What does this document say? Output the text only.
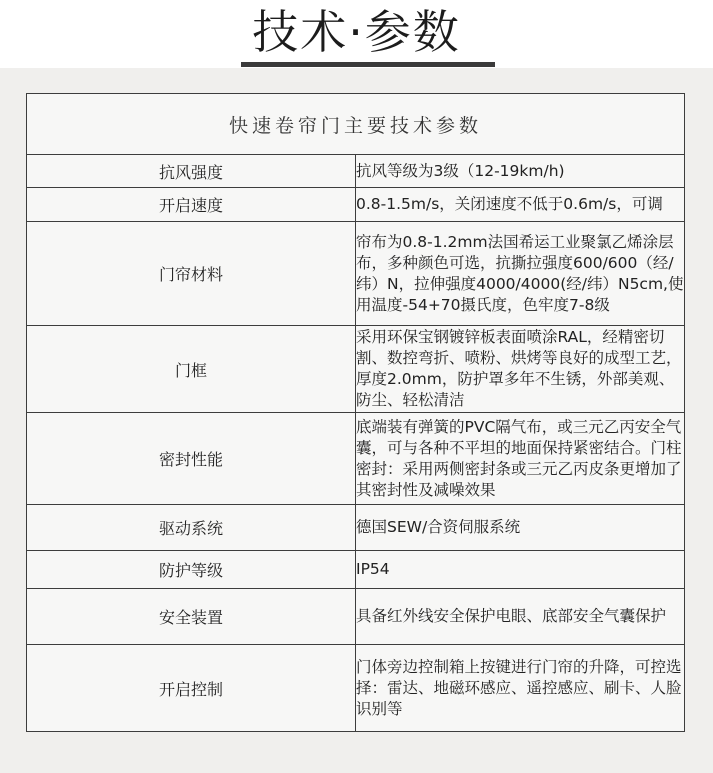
技术·参数
快速卷帘门主要技术参数	
抗风强度	抗风等级为3级（12-19km/h)
开启速度	0.8-1.5m/s，关闭速度不低于0.6m/s，可调
门帘材料	帘布为0.8-1.2mm法国希运工业聚氯乙烯涂层布，多种颜色可选，抗撕拉强度600/600（经/纬）N，拉伸强度4000/4000(经/纬）N5cm,使用温度-54+70摄氏度，色牢度7-8级
门框	采用环保宝钢镀锌板表面喷涂RAL，经精密切割、数控弯折、喷粉、烘烤等良好的成型工艺，厚度2.0mm，防护罩多年不生锈，外部美观、防尘、轻松清洁
密封性能	底端装有弹簧的PVC隔气布，或三元乙丙安全气囊，可与各种不平坦的地面保持紧密结合。门柱密封：采用两侧密封条或三元乙丙皮条更增加了其密封性及减噪效果
驱动系统	德国SEW/合资伺服系统
防护等级	IP54
安全装置	具备红外线安全保护电眼、底部安全气囊保护
开启控制	门体旁边控制箱上按键进行门帘的升降，可控选择：雷达、地磁环感应、遥控感应、刷卡、人脸识别等
